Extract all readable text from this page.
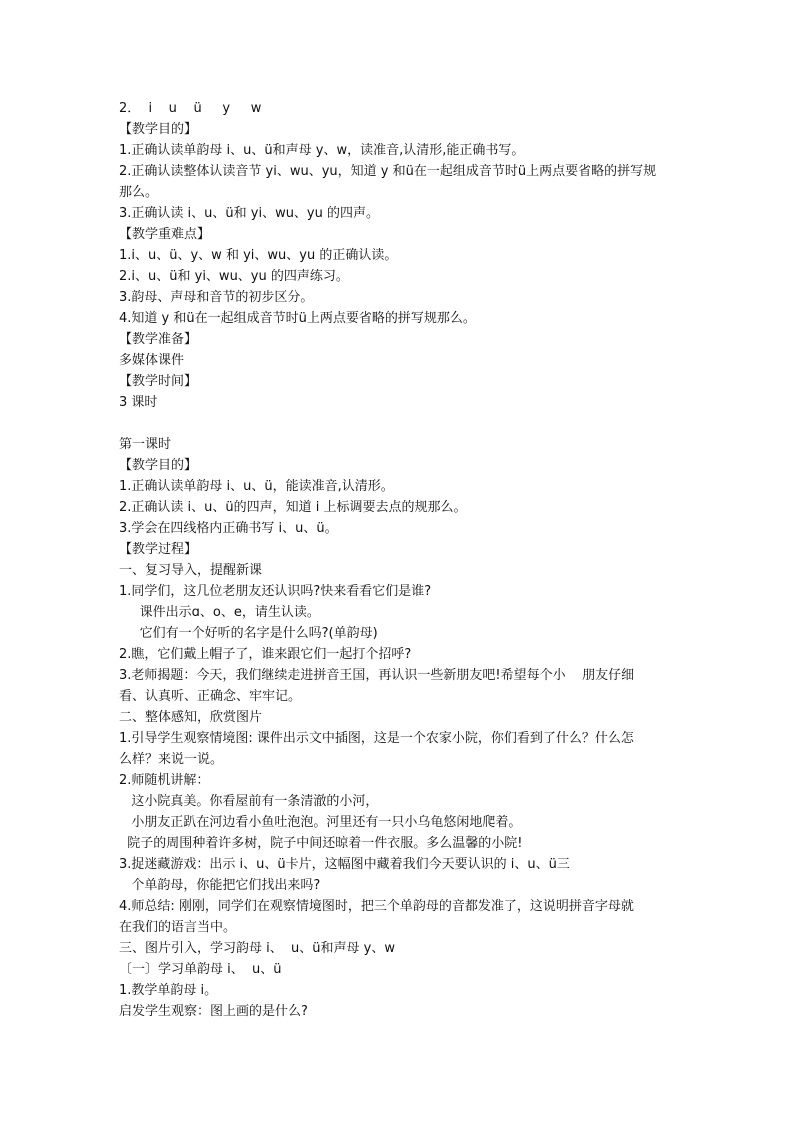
2．  i    u    ü     y     w
【教学目的】
1.正确认读单韵母 i、u、ü和声母 y、w，读准音,认清形,能正确书写。
2.正确认读整体认读音节 yi、wu、yu，知道 y 和ü在一起组成音节时ü上两点要省略的拼写规
那么。
3.正确认读 i、u、ü和 yi、wu、yu 的四声。
【教学重难点】
1.i、u、ü、y、w 和 yi、wu、yu 的正确认读。
2.i、u、ü和 yi、wu、yu 的四声练习。
3.韵母、声母和音节的初步区分。
4.知道 y 和ü在一起组成音节时ü上两点要省略的拼写规那么。
【教学准备】
多媒体课件
【教学时间】
3 课时
第一课时
【教学目的】
1.正确认读单韵母 i、u、ü，能读准音,认清形。
2.正确认读 i、u、ü的四声，知道 i 上标调要去点的规那么。
3.学会在四线格内正确书写 i、u、ü。
【教学过程】
一、复习导入，提醒新课
1.同学们，这几位老朋友还认识吗?快来看看它们是谁?
课件出示ɑ、o、e，请生认读。
它们有一个好听的名字是什么吗?(单韵母)
2.瞧，它们戴上帽子了，谁来跟它们一起打个招呼?
3.老师揭题：今天，我们继续走进拼音王国，再认识一些新朋友吧!希望每个小    朋友仔细
看、认真听、正确念、牢牢记。
二、整体感知，欣赏图片
1.引导学生观察情境图: 课件出示文中插图，这是一个农家小院，你们看到了什么？什么怎
么样？来说一说。
2.师随机讲解：
这小院真美。你看屋前有一条清澈的小河，
小朋友正趴在河边看小鱼吐泡泡。河里还有一只小乌龟悠闲地爬着。
院子的周围种着许多树，院子中间还晾着一件衣服。多么温馨的小院!
3.捉迷藏游戏：出示 i、u、ü卡片，这幅图中藏着我们今天要认识的 i、u、ü三
个单韵母，你能把它们找出来吗?
4.师总结: 刚刚，同学们在观察情境图时，把三个单韵母的音都发准了，这说明拼音字母就
在我们的语言当中。
三、图片引入，学习韵母 i、  u、ü和声母 y、w
〔一〕学习单韵母 i、  u、ü
1.教学单韵母 i。
启发学生观察：图上画的是什么?
